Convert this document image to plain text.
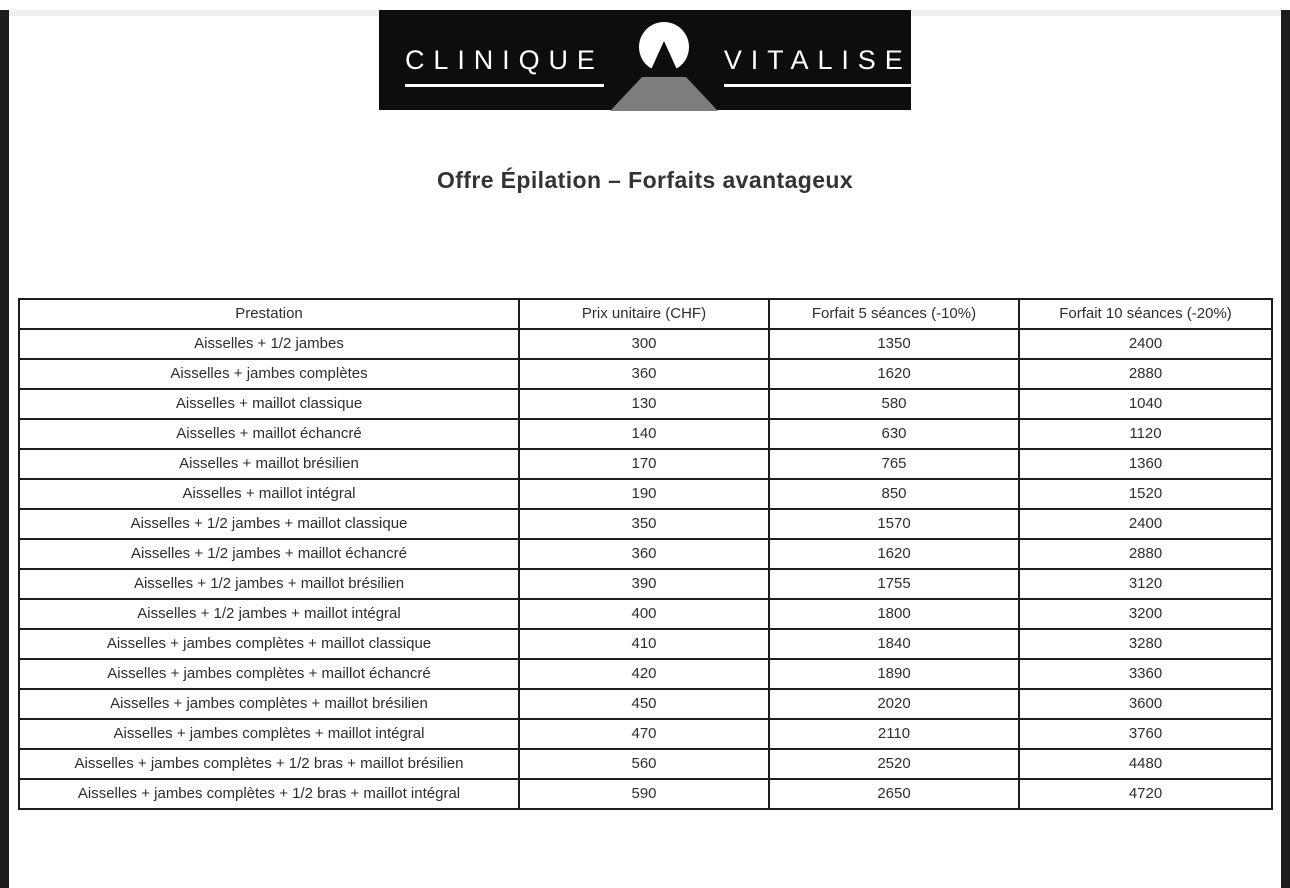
CLINIQUE	VITALISE
Offre Épilation – Forfaits avantageux
Prestation	Prix unitaire (CHF)	Forfait 5 séances (-10%)	Forfait 10 séances (-20%)
Aisselles + 1/2 jambes	300	1350	2400
Aisselles + jambes complètes	360	1620	2880
Aisselles + maillot classique	130	580	1040
Aisselles + maillot échancré	140	630	1120
Aisselles + maillot brésilien	170	765	1360
Aisselles + maillot intégral	190	850	1520
Aisselles + 1/2 jambes + maillot classique	350	1570	2400
Aisselles + 1/2 jambes + maillot échancré	360	1620	2880
Aisselles + 1/2 jambes + maillot brésilien	390	1755	3120
Aisselles + 1/2 jambes + maillot intégral	400	1800	3200
Aisselles + jambes complètes + maillot classique	410	1840	3280
Aisselles + jambes complètes + maillot échancré	420	1890	3360
Aisselles + jambes complètes + maillot brésilien	450	2020	3600
Aisselles + jambes complètes + maillot intégral	470	2110	3760
Aisselles + jambes complètes + 1/2 bras + maillot brésilien	560	2520	4480
Aisselles + jambes complètes + 1/2 bras + maillot intégral	590	2650	4720
